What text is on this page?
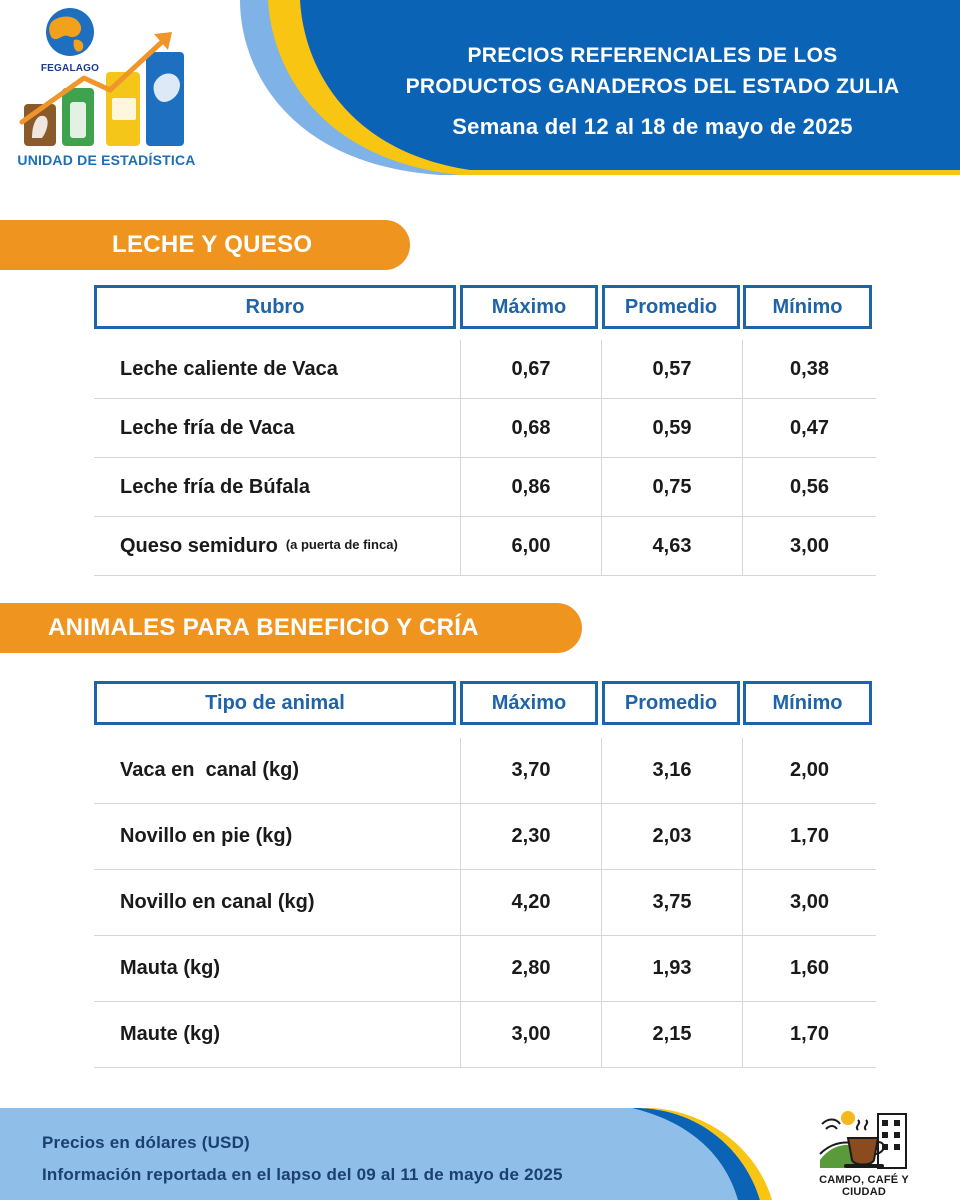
FEGALAGO
UNIDAD DE ESTADÍSTICA
PRECIOS REFERENCIALES DE LOS
PRODUCTOS GANADEROS DEL ESTADO ZULIA
Semana del 12 al 18 de mayo de 2025
LECHE Y QUESO
Rubro	Máximo	Promedio	Mínimo
Leche caliente de Vaca	0,67	0,57	0,38
Leche fría de Vaca	0,68	0,59	0,47
Leche fría de Búfala	0,86	0,75	0,56
Queso semiduro (a puerta de finca)	6,00	4,63	3,00
ANIMALES PARA BENEFICIO Y CRÍA
Tipo de animal	Máximo	Promedio	Mínimo
Vaca en  canal (kg)	3,70	3,16	2,00
Novillo en pie (kg)	2,30	2,03	1,70
Novillo en canal (kg)	4,20	3,75	3,00
Mauta (kg)	2,80	1,93	1,60
Maute (kg)	3,00	2,15	1,70
Precios en dólares (USD)
Información reportada en el lapso del 09 al 11 de mayo de 2025	CAMPO, CAFÉ Y CIUDAD
